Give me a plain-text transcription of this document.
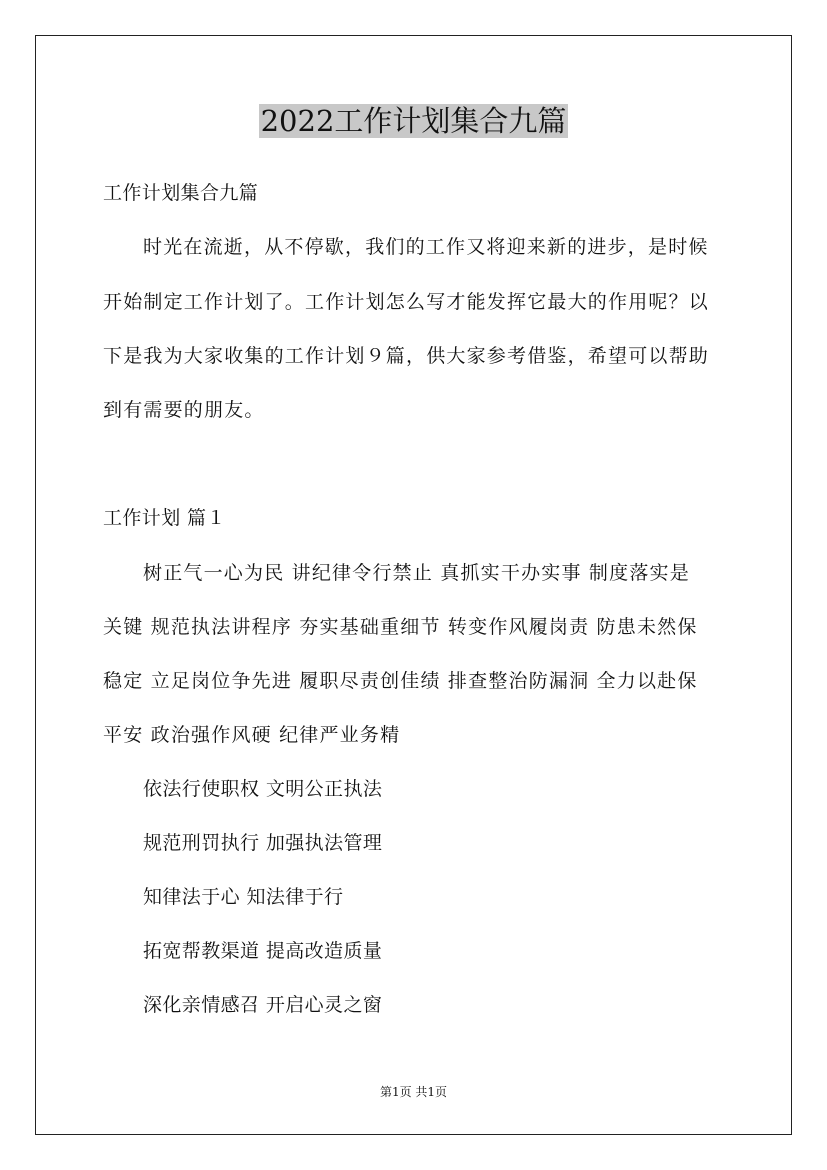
2022工作计划集合九篇
工作计划集合九篇
时光在流逝，从不停歇，我们的工作又将迎来新的进步，是时候
开始制定工作计划了。工作计划怎么写才能发挥它最大的作用呢？以
下是我为大家收集的工作计划９篇，供大家参考借鉴，希望可以帮助
到有需要的朋友。
工作计划 篇１
树正气一心为民 讲纪律令行禁止 真抓实干办实事 制度落实是
关键 规范执法讲程序 夯实基础重细节 转变作风履岗责 防患未然保
稳定 立足岗位争先进 履职尽责创佳绩 排查整治防漏洞 全力以赴保
平安 政治强作风硬 纪律严业务精
依法行使职权 文明公正执法
规范刑罚执行 加强执法管理
知律法于心 知法律于行
拓宽帮教渠道 提高改造质量
深化亲情感召 开启心灵之窗
第1页 共1页
